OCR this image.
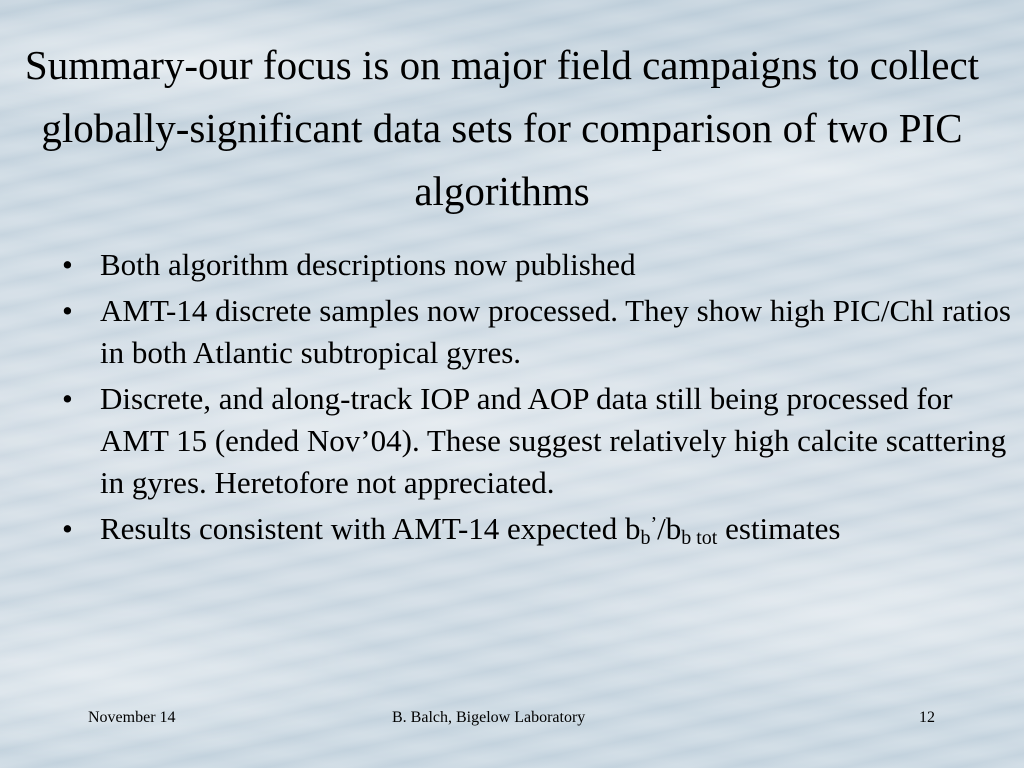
Summary-our focus is on major field campaigns to collect globally-significant data sets for comparison of two PIC algorithms
• Both algorithm descriptions now published
• AMT-14 discrete samples now processed. They show high PIC/Chl ratios in both Atlantic subtropical gyres.
• Discrete, and along-track IOP and AOP data still being processed for AMT 15 (ended Nov’04). These suggest relatively high calcite scattering in gyres. Heretofore not appreciated.
• Results consistent with AMT-14 expected $b_b^’/b_{b tot}$ estimates
November 14	B. Balch, Bigelow Laboratory	12
